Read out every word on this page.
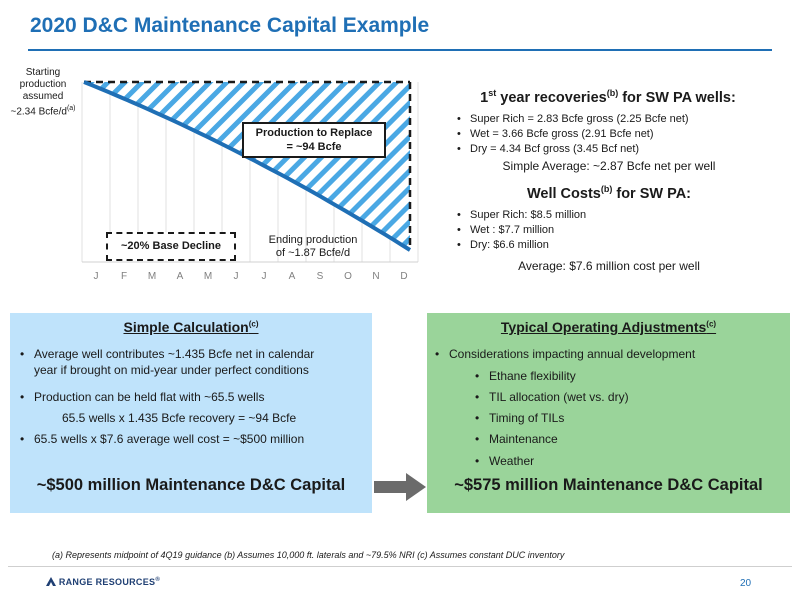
2020 D&C Maintenance Capital Example
J F M A M J J A S O N D
Starting
production
assumed
~2.34 Bcfe/$d^{(a)}$
Production to Replace
= ~94 Bcfe
~20% Base Decline	Ending production
of ~1.87 Bcfe/d
1st year recoveries$^{(b)}$ for SW PA wells:
• Super Rich = 2.83 Bcfe gross (2.25 Bcfe net)
• Wet = 3.66 Bcfe gross (2.91 Bcfe net)
• Dry = 4.34 Bcf gross (3.45 Bcf net)
Simple Average: ~2.87 Bcfe net per well
Well Costs$^{(b)}$ for SW PA:
• Super Rich: $8.5 million
• Wet : $7.7 million
• Dry: $6.6 million
Average: $7.6 million cost per well
Simple Calculation$^{(c)}$
• Average well contributes ~1.435 Bcfe net in calendar
year if brought on mid-year under perfect conditions
• Production can be held flat with ~65.5 wells
65.5 wells x 1.435 Bcfe recovery = ~94 Bcfe
• 65.5 wells x $7.6 average well cost = ~$500 million
~$500 million Maintenance D&C Capital
Typical Operating Adjustments$^{(c)}$
• Considerations impacting annual development
• Ethane flexibility
• TIL allocation (wet vs. dry)
• Timing of TILs
• Maintenance
• Weather
~$575 million Maintenance D&C Capital
(a) Represents midpoint of 4Q19 guidance (b) Assumes 10,000 ft. laterals and ~79.5% NRI (c) Assumes constant DUC inventory
RANGE RESOURCES®	20
